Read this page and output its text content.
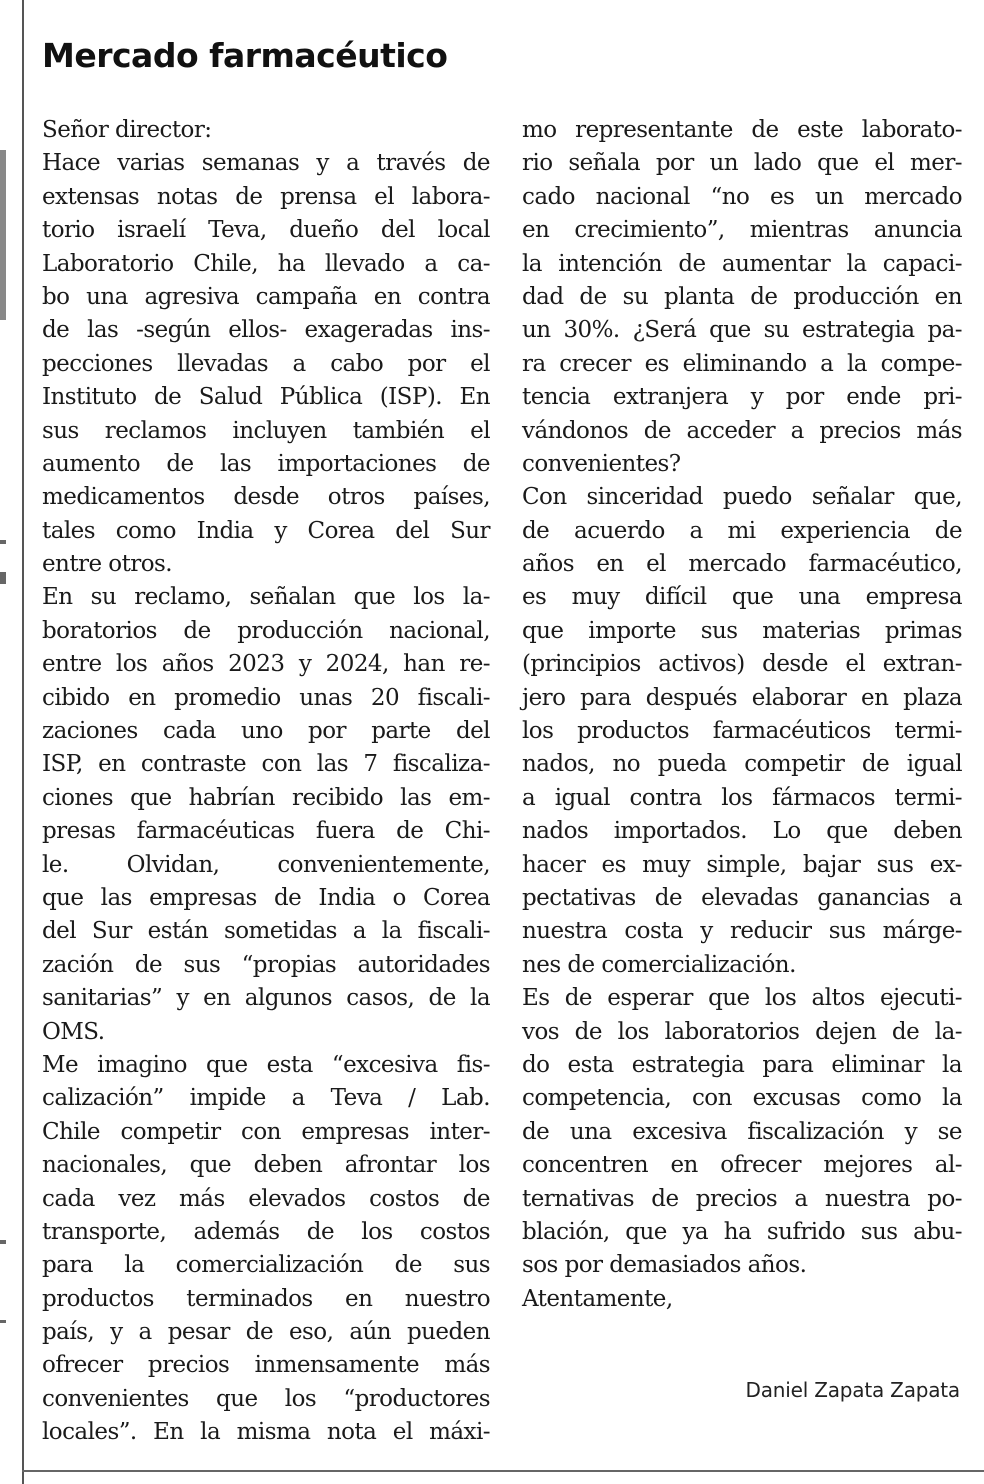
Mercado farmacéutico
Señor director:
Hace varias semanas y a través de
extensas notas de prensa el labora-
torio israelí Teva, dueño del local
Laboratorio Chile, ha llevado a ca-
bo una agresiva campaña en contra
de las -según ellos- exageradas ins-
pecciones llevadas a cabo por el
Instituto de Salud Pública (ISP). En
sus reclamos incluyen también el
aumento de las importaciones de
medicamentos desde otros países,
tales como India y Corea del Sur
entre otros.
En su reclamo, señalan que los la-
boratorios de producción nacional,
entre los años 2023 y 2024, han re-
cibido en promedio unas 20 fiscali-
zaciones cada uno por parte del
ISP, en contraste con las 7 fiscaliza-
ciones que habrían recibido las em-
presas farmacéuticas fuera de Chi-
le. Olvidan, convenientemente,
que las empresas de India o Corea
del Sur están sometidas a la fiscali-
zación de sus “propias autoridades
sanitarias” y en algunos casos, de la
OMS.
Me imagino que esta “excesiva fis-
calización” impide a Teva / Lab.
Chile competir con empresas inter-
nacionales, que deben afrontar los
cada vez más elevados costos de
transporte, además de los costos
para la comercialización de sus
productos terminados en nuestro
país, y a pesar de eso, aún pueden
ofrecer precios inmensamente más
convenientes que los “productores
locales”. En la misma nota el máxi-
mo representante de este laborato-
rio señala por un lado que el mer-
cado nacional “no es un mercado
en crecimiento”, mientras anuncia
la intención de aumentar la capaci-
dad de su planta de producción en
un 30%. ¿Será que su estrategia pa-
ra crecer es eliminando a la compe-
tencia extranjera y por ende pri-
vándonos de acceder a precios más
convenientes?
Con sinceridad puedo señalar que,
de acuerdo a mi experiencia de
años en el mercado farmacéutico,
es muy difícil que una empresa
que importe sus materias primas
(principios activos) desde el extran-
jero para después elaborar en plaza
los productos farmacéuticos termi-
nados, no pueda competir de igual
a igual contra los fármacos termi-
nados importados. Lo que deben
hacer es muy simple, bajar sus ex-
pectativas de elevadas ganancias a
nuestra costa y reducir sus márge-
nes de comercialización.
Es de esperar que los altos ejecuti-
vos de los laboratorios dejen de la-
do esta estrategia para eliminar la
competencia, con excusas como la
de una excesiva fiscalización y se
concentren en ofrecer mejores al-
ternativas de precios a nuestra po-
blación, que ya ha sufrido sus abu-
sos por demasiados años.
Atentamente,
Daniel Zapata Zapata
